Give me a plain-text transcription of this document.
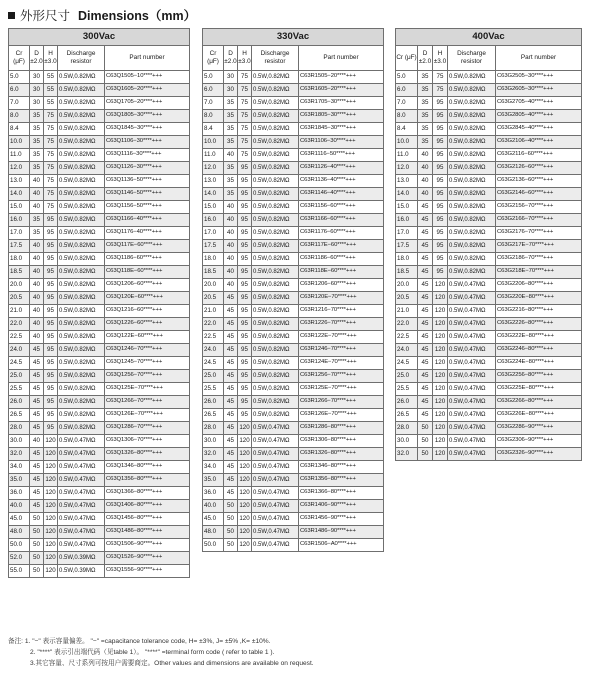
外形尺寸 Dimensions（mm）
300Vac				
Cr (μF)	D ±2.0	H ±3.0	Discharge resistor	Part number
5.0	30	55	0.5W,0.82MΩ	C63Q1505−10****+++
6.0	30	55	0.5W,0.82MΩ	C63Q1605−20****+++
7.0	30	55	0.5W,0.82MΩ	C63Q1705−20****+++
8.0	35	75	0.5W,0.82MΩ	C63Q1805−30****+++
8.4	35	75	0.5W,0.82MΩ	C63Q1845−30****+++
10.0	35	75	0.5W,0.82MΩ	C63Q1106−30****+++
11.0	35	75	0.5W,0.82MΩ	C63Q1116−30****+++
12.0	35	75	0.5W,0.82MΩ	C63Q1126−30****+++
13.0	40	75	0.5W,0.82MΩ	C63Q1136−50****+++
14.0	40	75	0.5W,0.82MΩ	C63Q1146−50****+++
15.0	40	75	0.5W,0.82MΩ	C63Q1156−50****+++
16.0	35	95	0.5W,0.82MΩ	C63Q1166−40****+++
17.0	35	95	0.5W,0.82MΩ	C63Q1176−40****+++
17.5	40	95	0.5W,0.82MΩ	C63Q117E−60****+++
18.0	40	95	0.5W,0.82MΩ	C63Q1186−60****+++
18.5	40	95	0.5W,0.82MΩ	C63Q118E−60****+++
20.0	40	95	0.5W,0.82MΩ	C63Q1206−60****+++
20.5	40	95	0.5W,0.82MΩ	C63Q120E−60****+++
21.0	40	95	0.5W,0.82MΩ	C63Q1216−60****+++
22.0	40	95	0.5W,0.82MΩ	C63Q1226−60****+++
22.5	40	95	0.5W,0.82MΩ	C63Q122E−60****+++
24.0	45	95	0.5W,0.82MΩ	C63Q1246−70****+++
24.5	45	95	0.5W,0.82MΩ	C63Q1245−70****+++
25.0	45	95	0.5W,0.82MΩ	C63Q1256−70****+++
25.5	45	95	0.5W,0.82MΩ	C63Q125E−70****+++
26.0	45	95	0.5W,0.82MΩ	C63Q1266−70****+++
26.5	45	95	0.5W,0.82MΩ	C63Q126E−70****+++
28.0	45	95	0.5W,0.82MΩ	C63Q1286−70****+++
30.0	40	120	0.5W,0.47MΩ	C63Q1306−70****+++
32.0	45	120	0.5W,0.47MΩ	C63Q1326−80****+++
34.0	45	120	0.5W,0.47MΩ	C63Q1346−80****+++
35.0	45	120	0.5W,0.47MΩ	C63Q1356−80****+++
36.0	45	120	0.5W,0.47MΩ	C63Q1366−80****+++
40.0	45	120	0.5W,0.47MΩ	C63Q1406−80****+++
45.0	50	120	0.5W,0.47MΩ	C63Q1456−80****+++
48.0	50	120	0.5W,0.47MΩ	C63Q1486−80****+++
50.0	50	120	0.5W,0.47MΩ	C63Q1506−90****+++
52.0	50	120	0.5W,0.39MΩ	C63Q1526−90****+++
55.0	50	120	0.5W,0.39MΩ	C63Q1556−90****+++
330Vac				
Cr (μF)	D ±2.0	H ±3.0	Discharge resistor	Part number
5.0	30	75	0.5W,0.82MΩ	C63R1505−20****+++
6.0	30	75	0.5W,0.82MΩ	C63R1605−20****+++
7.0	35	75	0.5W,0.82MΩ	C63R1705−30****+++
8.0	35	75	0.5W,0.82MΩ	C63R1805−30****+++
8.4	35	75	0.5W,0.82MΩ	C63R1845−30****+++
10.0	35	75	0.5W,0.82MΩ	C63R1106−30****+++
11.0	40	75	0.5W,0.82MΩ	C63R1116−50****+++
12.0	35	95	0.5W,0.82MΩ	C63R1126−40****+++
13.0	35	95	0.5W,0.82MΩ	C63R1136−40****+++
14.0	35	95	0.5W,0.82MΩ	C63R1146−40****+++
15.0	40	95	0.5W,0.82MΩ	C63R1156−60****+++
16.0	40	95	0.5W,0.82MΩ	C63R1166−60****+++
17.0	40	95	0.5W,0.82MΩ	C63R1176−60****+++
17.5	40	95	0.5W,0.82MΩ	C63R117E−60****+++
18.0	40	95	0.5W,0.82MΩ	C63R1186−60****+++
18.5	40	95	0.5W,0.82MΩ	C63R118E−60****+++
20.0	40	95	0.5W,0.82MΩ	C63R1206−60****+++
20.5	45	95	0.5W,0.82MΩ	C63R120E−70****+++
21.0	45	95	0.5W,0.82MΩ	C63R1216−70****+++
22.0	45	95	0.5W,0.82MΩ	C63R1226−70****+++
22.5	45	95	0.5W,0.82MΩ	C63R122E−70****+++
24.0	45	95	0.5W,0.82MΩ	C63R1246−70****+++
24.5	45	95	0.5W,0.82MΩ	C63R124E−70****+++
25.0	45	95	0.5W,0.82MΩ	C63R1256−70****+++
25.5	45	95	0.5W,0.82MΩ	C63R125E−70****+++
26.0	45	95	0.5W,0.82MΩ	C63R1266−70****+++
26.5	45	95	0.5W,0.82MΩ	C63R126E−70****+++
28.0	45	120	0.5W,0.47MΩ	C63R1286−80****+++
30.0	45	120	0.5W,0.47MΩ	C63R1306−80****+++
32.0	45	120	0.5W,0.47MΩ	C63R1326−80****+++
34.0	45	120	0.5W,0.47MΩ	C63R1346−80****+++
35.0	45	120	0.5W,0.47MΩ	C63R1356−80****+++
36.0	45	120	0.5W,0.47MΩ	C63R1366−80****+++
40.0	50	120	0.5W,0.47MΩ	C63R1406−90****+++
45.0	50	120	0.5W,0.47MΩ	C63R1456−90****+++
48.0	50	120	0.5W,0.47MΩ	C63R1486−90****+++
50.0	50	120	0.5W,0.47MΩ	C63R1506−A0****+++
400Vac				
Cr (μF)	D ±2.0	H ±3.0	Discharge resistor	Part number
5.0	35	75	0.5W,0.82MΩ	C63G2505−30****+++
6.0	35	75	0.5W,0.82MΩ	C63G2605−30****+++
7.0	35	95	0.5W,0.82MΩ	C63G2705−40****+++
8.0	35	95	0.5W,0.82MΩ	C63G2805−40****+++
8.4	35	95	0.5W,0.82MΩ	C63G2845−40****+++
10.0	35	95	0.5W,0.82MΩ	C63G2106−40****+++
11.0	40	95	0.5W,0.82MΩ	C63G2116−60****+++
12.0	40	95	0.5W,0.82MΩ	C63G2126−60****+++
13.0	40	95	0.5W,0.82MΩ	C63G2136−60****+++
14.0	40	95	0.5W,0.82MΩ	C63G2146−60****+++
15.0	45	95	0.5W,0.82MΩ	C63G2156−70****+++
16.0	45	95	0.5W,0.82MΩ	C63G2166−70****+++
17.0	45	95	0.5W,0.82MΩ	C63G2176−70****+++
17.5	45	95	0.5W,0.82MΩ	C63G217E−70****+++
18.0	45	95	0.5W,0.82MΩ	C63G2186−70****+++
18.5	45	95	0.5W,0.82MΩ	C63G218E−70****+++
20.0	45	120	0.5W,0.47MΩ	C63G2206−80****+++
20.5	45	120	0.5W,0.47MΩ	C63G220E−80****+++
21.0	45	120	0.5W,0.47MΩ	C63G2216−80****+++
22.0	45	120	0.5W,0.47MΩ	C63G2226−80****+++
22.5	45	120	0.5W,0.47MΩ	C63G222E−80****+++
24.0	45	120	0.5W,0.47MΩ	C63G2246−80****+++
24.5	45	120	0.5W,0.47MΩ	C63G224E−80****+++
25.0	45	120	0.5W,0.47MΩ	C63G2256−80****+++
25.5	45	120	0.5W,0.47MΩ	C63G225E−80****+++
26.0	45	120	0.5W,0.47MΩ	C63G2266−80****+++
26.5	45	120	0.5W,0.47MΩ	C63G226E−80****+++
28.0	50	120	0.5W,0.47MΩ	C63G2286−90****+++
30.0	50	120	0.5W,0.47MΩ	C63G2306−90****+++
32.0	50	120	0.5W,0.47MΩ	C63G2326−90****+++
备注: 1. "−" 表示容量偏差。 "−" =capacitance tolerance code, H= ±3%, J= ±5% ,K= ±10%.
2. "****" 表示引出端代码（见table 1）。 "****" =terminal form code ( refer to table 1 ).
3.其它容量、尺寸系列可按用户需要商定。Other values and dimensions are available on request.
